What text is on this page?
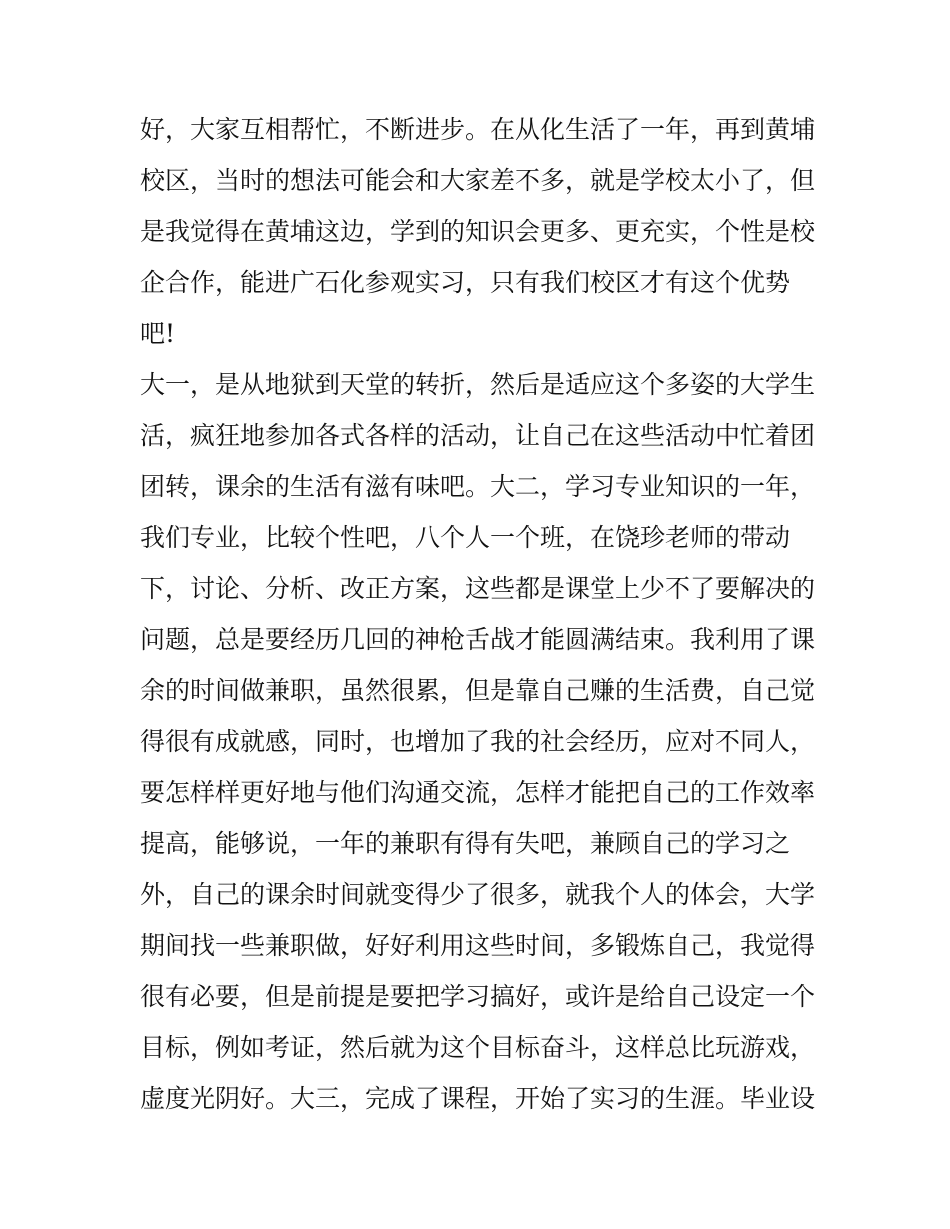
好，大家互相帮忙，不断进步。在从化生活了一年，再到黄埔
校区，当时的想法可能会和大家差不多，就是学校太小了，但
是我觉得在黄埔这边，学到的知识会更多、更充实，个性是校
企合作，能进广石化参观实习，只有我们校区才有这个优势
吧!
大一，是从地狱到天堂的转折，然后是适应这个多姿的大学生
活，疯狂地参加各式各样的活动，让自己在这些活动中忙着团
团转，课余的生活有滋有味吧。大二，学习专业知识的一年，
我们专业，比较个性吧，八个人一个班，在饶珍老师的带动
下，讨论、分析、改正方案，这些都是课堂上少不了要解决的
问题，总是要经历几回的神枪舌战才能圆满结束。我利用了课
余的时间做兼职，虽然很累，但是靠自己赚的生活费，自己觉
得很有成就感，同时，也增加了我的社会经历，应对不同人，
要怎样样更好地与他们沟通交流，怎样才能把自己的工作效率
提高，能够说，一年的兼职有得有失吧，兼顾自己的学习之
外，自己的课余时间就变得少了很多，就我个人的体会，大学
期间找一些兼职做，好好利用这些时间，多锻炼自己，我觉得
很有必要，但是前提是要把学习搞好，或许是给自己设定一个
目标，例如考证，然后就为这个目标奋斗，这样总比玩游戏，
虚度光阴好。大三，完成了课程，开始了实习的生涯。毕业设
